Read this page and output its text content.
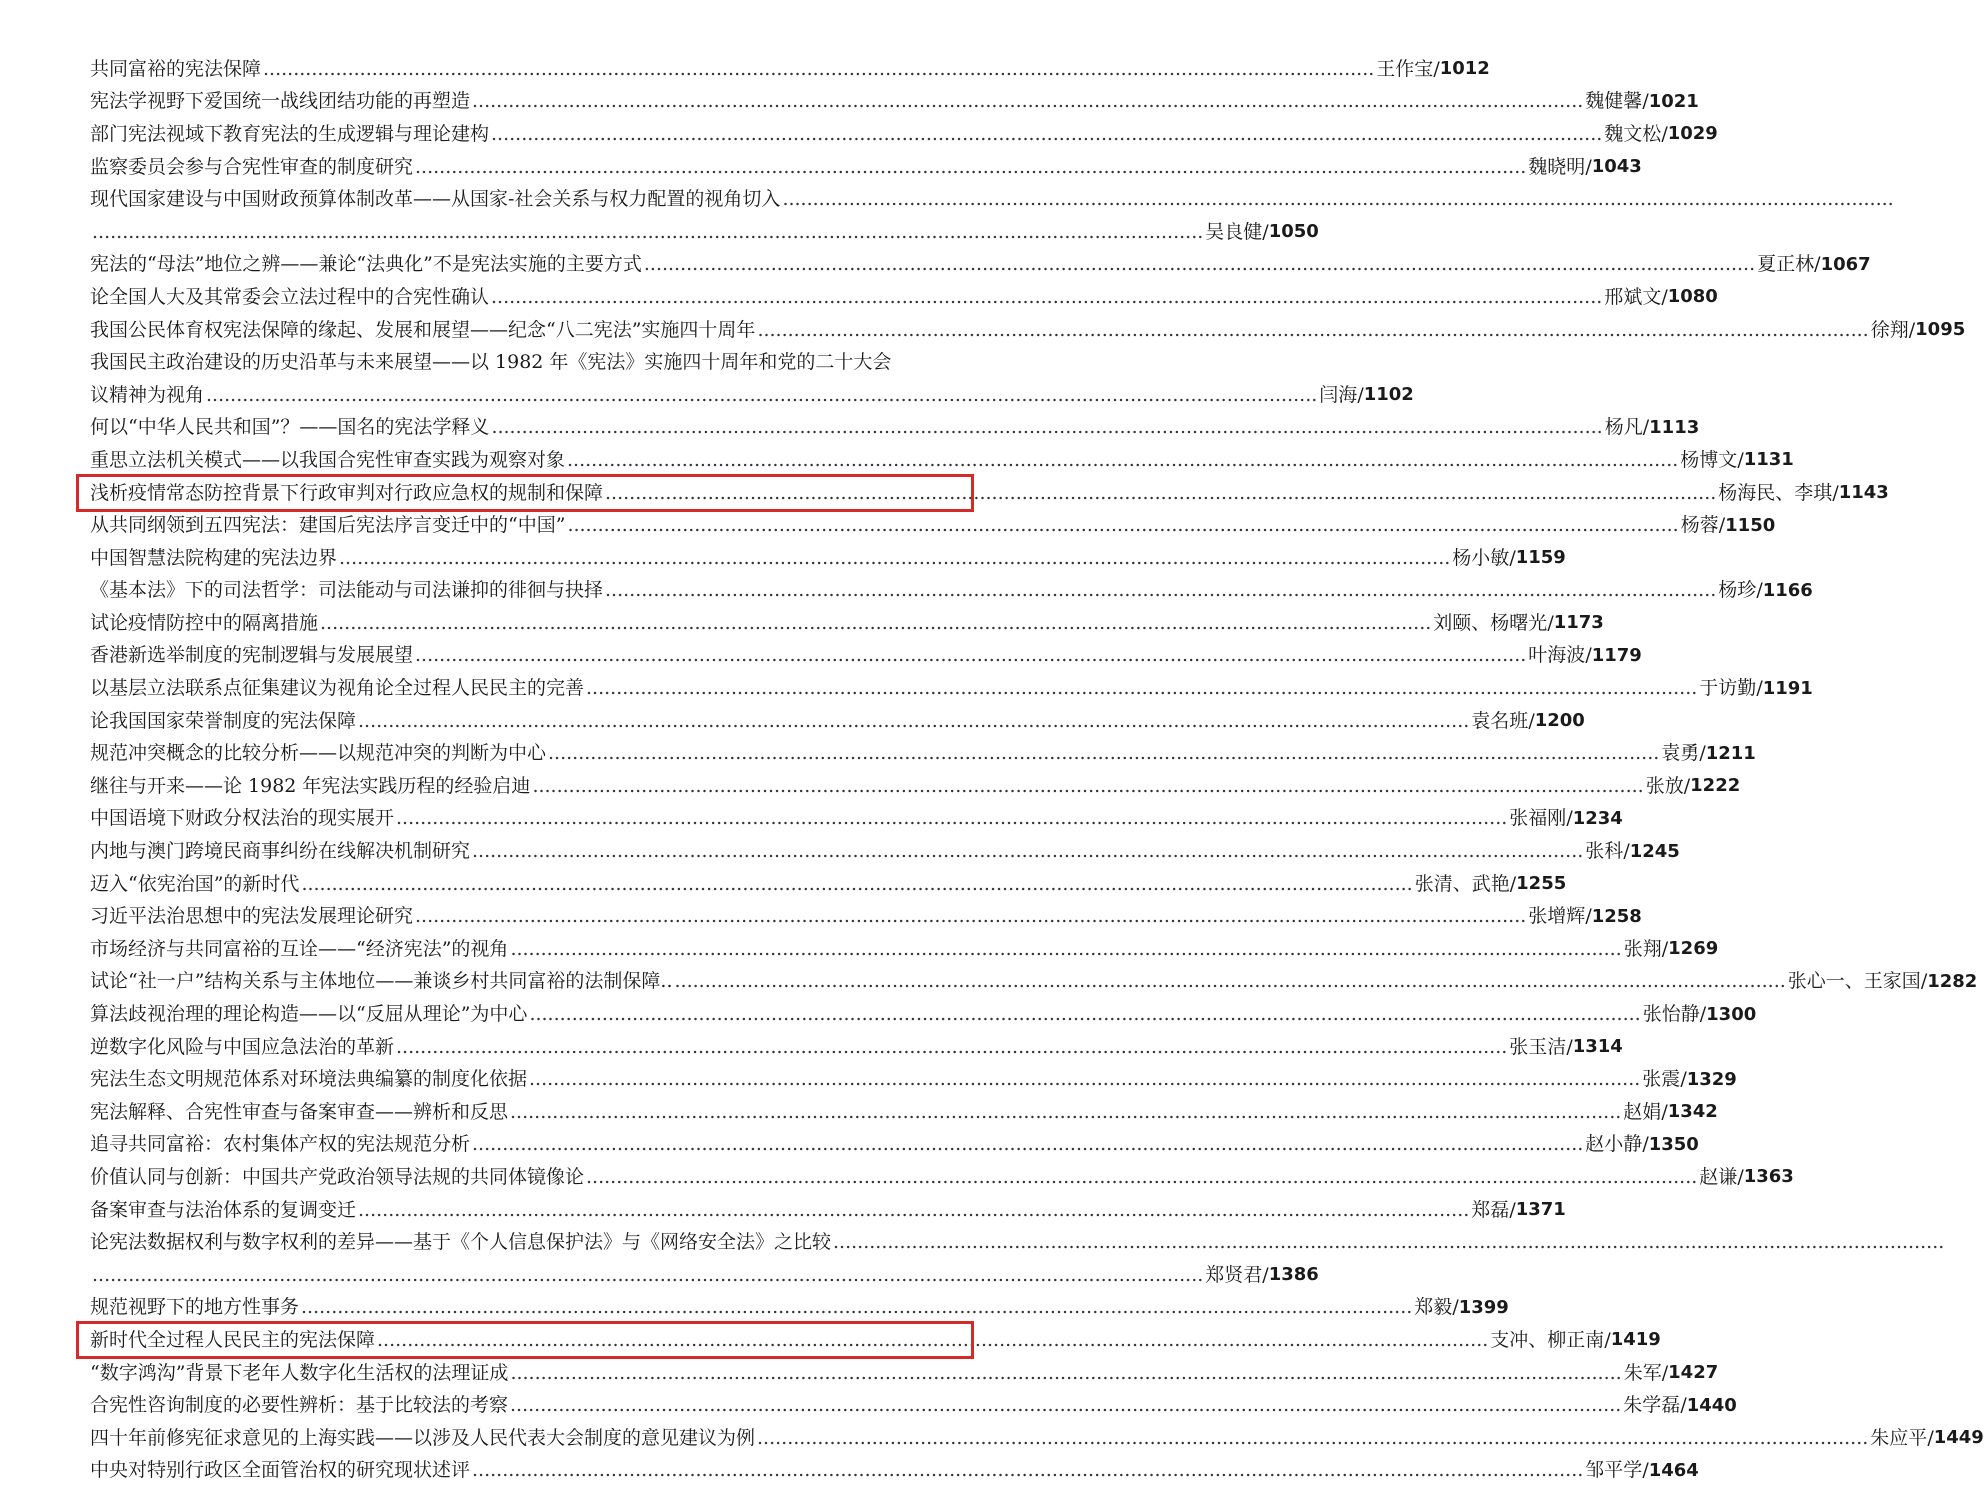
共同富裕的宪法保障 .....	王作宝 / 1012
宪法学视野下爱国统一战线团结功能的再塑造 .....	魏健馨 / 1021
部门宪法视域下教育宪法的生成逻辑与理论建构 .....	魏文松 / 1029
监察委员会参与合宪性审查的制度研究 .....	魏晓明 / 1043
现代国家建设与中国财政预算体制改革——从国家-社会关系与权力配置的视角切入
.....
.....
吴良健 / 1050
宪法的“母法”地位之辨——兼论“法典化”不是宪法实施的主要方式 .....	夏正林 / 1067
论全国人大及其常委会立法过程中的合宪性确认 .....	邢斌文 / 1080
我国公民体育权宪法保障的缘起、发展和展望——纪念“八二宪法”实施四十周年 .....	徐翔 / 1095
我国民主政治建设的历史沿革与未来展望——以 1982 年《宪法》实施四十周年和党的二十大会
议精神为视角 .....	闫海 / 1102
何以“中华人民共和国”？——国名的宪法学释义 .....	杨凡 / 1113
重思立法机关模式——以我国合宪性审查实践为观察对象 .....	杨博文 / 1131
浅析疫情常态防控背景下行政审判对行政应急权的规制和保障 .....	杨海民、李琪 / 1143
从共同纲领到五四宪法：建国后宪法序言变迁中的“中国” .....	杨蓉 / 1150
中国智慧法院构建的宪法边界 .....	杨小敏 / 1159
《基本法》下的司法哲学：司法能动与司法谦抑的徘徊与抉择 .....	杨珍 / 1166
试论疫情防控中的隔离措施 .....	刘颐、杨曙光 / 1173
香港新选举制度的宪制逻辑与发展展望 .....	叶海波 / 1179
以基层立法联系点征集建议为视角论全过程人民民主的完善 .....	于访勤 / 1191
论我国国家荣誉制度的宪法保障 .....	袁名班 / 1200
规范冲突概念的比较分析——以规范冲突的判断为中心 .....	袁勇 / 1211
继往与开来——论 1982 年宪法实践历程的经验启迪 .....	张放 / 1222
中国语境下财政分权法治的现实展开 .....	张福刚 / 1234
内地与澳门跨境民商事纠纷在线解决机制研究 .....	张科 / 1245
迈入“依宪治国”的新时代 .....	张清、武艳 / 1255
习近平法治思想中的宪法发展理论研究 .....	张增辉 / 1258
市场经济与共同富裕的互诠——“经济宪法”的视角 .....	张翔 / 1269
试论“社一户”结构关系与主体地位——兼谈乡村共同富裕的法制保障.. .....	张心一、王家国 / 1282
算法歧视治理的理论构造——以“反屈从理论”为中心 .....	张怡静 / 1300
逆数字化风险与中国应急法治的革新 .....	张玉洁 / 1314
宪法生态文明规范体系对环境法典编纂的制度化依据 .....	张震 / 1329
宪法解释、合宪性审查与备案审查——辨析和反思 .....	赵娟 / 1342
追寻共同富裕：农村集体产权的宪法规范分析 .....	赵小静 / 1350
价值认同与创新：中国共产党政治领导法规的共同体镜像论 .....	赵谦 / 1363
备案审查与法治体系的复调变迁 .....	郑磊 / 1371
论宪法数据权利与数字权利的差异——基于《个人信息保护法》与《网络安全法》之比较
.....
.....
郑贤君 / 1386
规范视野下的地方性事务 .....	郑毅 / 1399
新时代全过程人民民主的宪法保障 .....	支冲、柳正南 / 1419
“数字鸿沟”背景下老年人数字化生活权的法理证成 .....	朱军 / 1427
合宪性咨询制度的必要性辨析：基于比较法的考察 .....	朱学磊 / 1440
四十年前修宪征求意见的上海实践——以涉及人民代表大会制度的意见建议为例 .....	朱应平 / 1449
中央对特别行政区全面管治权的研究现状述评 .....	邹平学 / 1464
